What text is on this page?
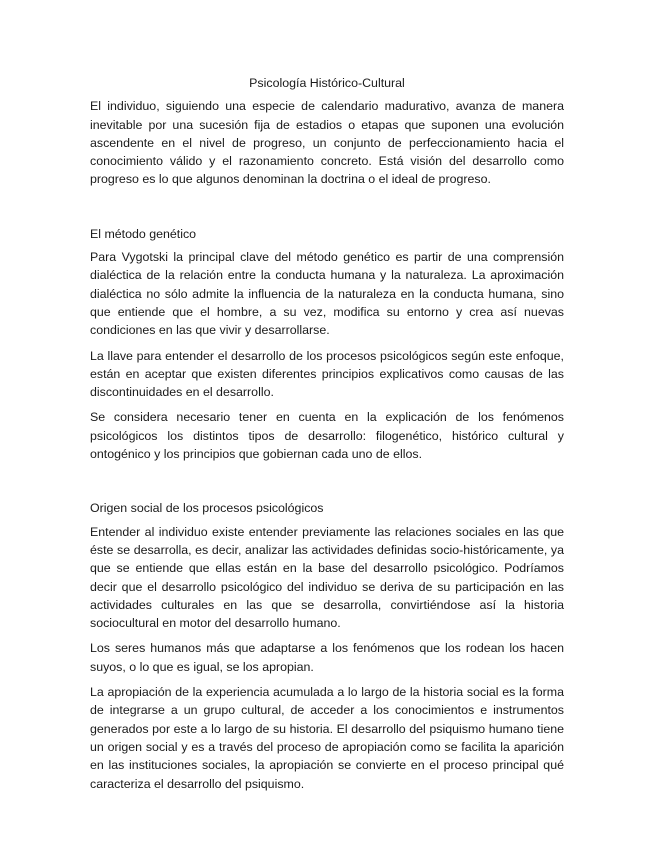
Psicología Histórico-Cultural

El individuo, siguiendo una especie de calendario madurativo, avanza de manera inevitable por una sucesión fija de estadios o etapas que suponen una evolución ascendente en el nivel de progreso, un conjunto de perfeccionamiento hacia el conocimiento válido y el razonamiento concreto. Está visión del desarrollo como progreso es lo que algunos denominan la doctrina o el ideal de progreso.

El método genético

Para Vygotski la principal clave del método genético es partir de una comprensión dialéctica de la relación entre la conducta humana y la naturaleza. La aproximación dialéctica no sólo admite la influencia de la naturaleza en la conducta humana, sino que entiende que el hombre, a su vez, modifica su entorno y crea así nuevas condiciones en las que vivir y desarrollarse.

La llave para entender el desarrollo de los procesos psicológicos según este enfoque, están en aceptar que existen diferentes principios explicativos como causas de las discontinuidades en el desarrollo.

Se considera necesario tener en cuenta en la explicación de los fenómenos psicológicos los distintos tipos de desarrollo: filogenético, histórico cultural y ontogénico y los principios que gobiernan cada uno de ellos.

Origen social de los procesos psicológicos

Entender al individuo existe entender previamente las relaciones sociales en las que éste se desarrolla, es decir, analizar las actividades definidas socio-históricamente, ya que se entiende que ellas están en la base del desarrollo psicológico. Podríamos decir que el desarrollo psicológico del individuo se deriva de su participación en las actividades culturales en las que se desarrolla, convirtiéndose así la historia sociocultural en motor del desarrollo humano.

Los seres humanos más que adaptarse a los fenómenos que los rodean los hacen suyos, o lo que es igual, se los apropian.

La apropiación de la experiencia acumulada a lo largo de la historia social es la forma de integrarse a un grupo cultural, de acceder a los conocimientos e instrumentos generados por este a lo largo de su historia. El desarrollo del psiquismo humano tiene un origen social y es a través del proceso de apropiación como se facilita la aparición en las instituciones sociales, la apropiación se convierte en el proceso principal qué caracteriza el desarrollo del psiquismo.
